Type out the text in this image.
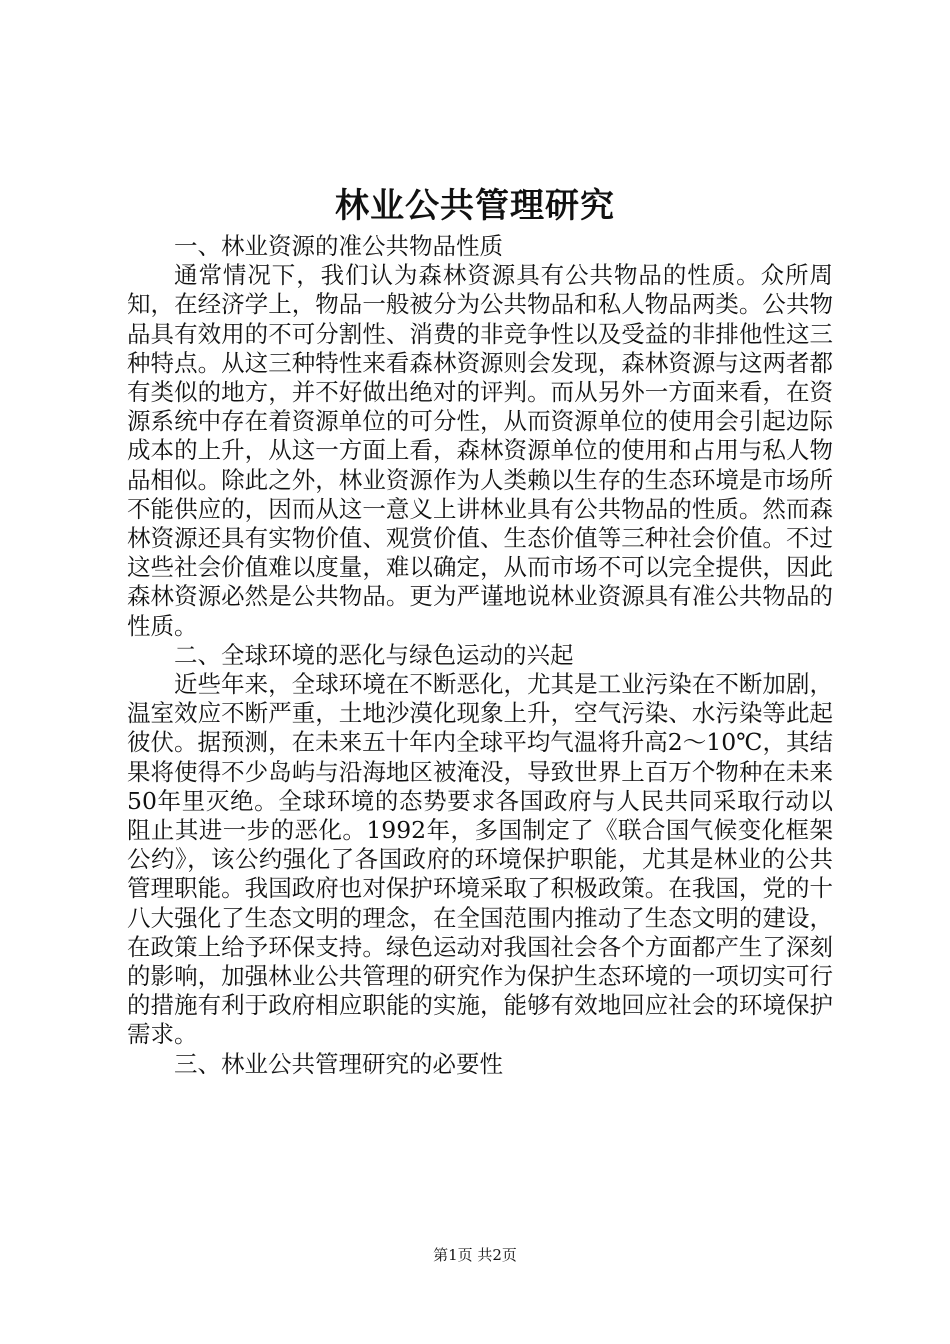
林业公共管理研究

一、林业资源的准公共物品性质

通常情况下，我们认为森林资源具有公共物品的性质。众所周知，在经济学上，物品一般被分为公共物品和私人物品两类。公共物品具有效用的不可分割性、消费的非竞争性以及受益的非排他性这三种特点。从这三种特性来看森林资源则会发现，森林资源与这两者都有类似的地方，并不好做出绝对的评判。而从另外一方面来看，在资源系统中存在着资源单位的可分性，从而资源单位的使用会引起边际成本的上升，从这一方面上看，森林资源单位的使用和占用与私人物品相似。除此之外，林业资源作为人类赖以生存的生态环境是市场所不能供应的，因而从这一意义上讲林业具有公共物品的性质。然而森林资源还具有实物价值、观赏价值、生态价值等三种社会价值。不过这些社会价值难以度量，难以确定，从而市场不可以完全提供，因此森林资源必然是公共物品。更为严谨地说林业资源具有准公共物品的性质。

二、全球环境的恶化与绿色运动的兴起

近些年来，全球环境在不断恶化，尤其是工业污染在不断加剧，温室效应不断严重，土地沙漠化现象上升，空气污染、水污染等此起彼伏。据预测，在未来五十年内全球平均气温将升高2～10℃，其结果将使得不少岛屿与沿海地区被淹没，导致世界上百万个物种在未来50年里灭绝。全球环境的态势要求各国政府与人民共同采取行动以阻止其进一步的恶化。1992年，多国制定了《联合国气候变化框架公约》，该公约强化了各国政府的环境保护职能，尤其是林业的公共管理职能。我国政府也对保护环境采取了积极政策。在我国，党的十八大强化了生态文明的理念，在全国范围内推动了生态文明的建设，在政策上给予环保支持。绿色运动对我国社会各个方面都产生了深刻的影响，加强林业公共管理的研究作为保护生态环境的一项切实可行的措施有利于政府相应职能的实施，能够有效地回应社会的环境保护需求。

三、林业公共管理研究的必要性

第1页 共2页
